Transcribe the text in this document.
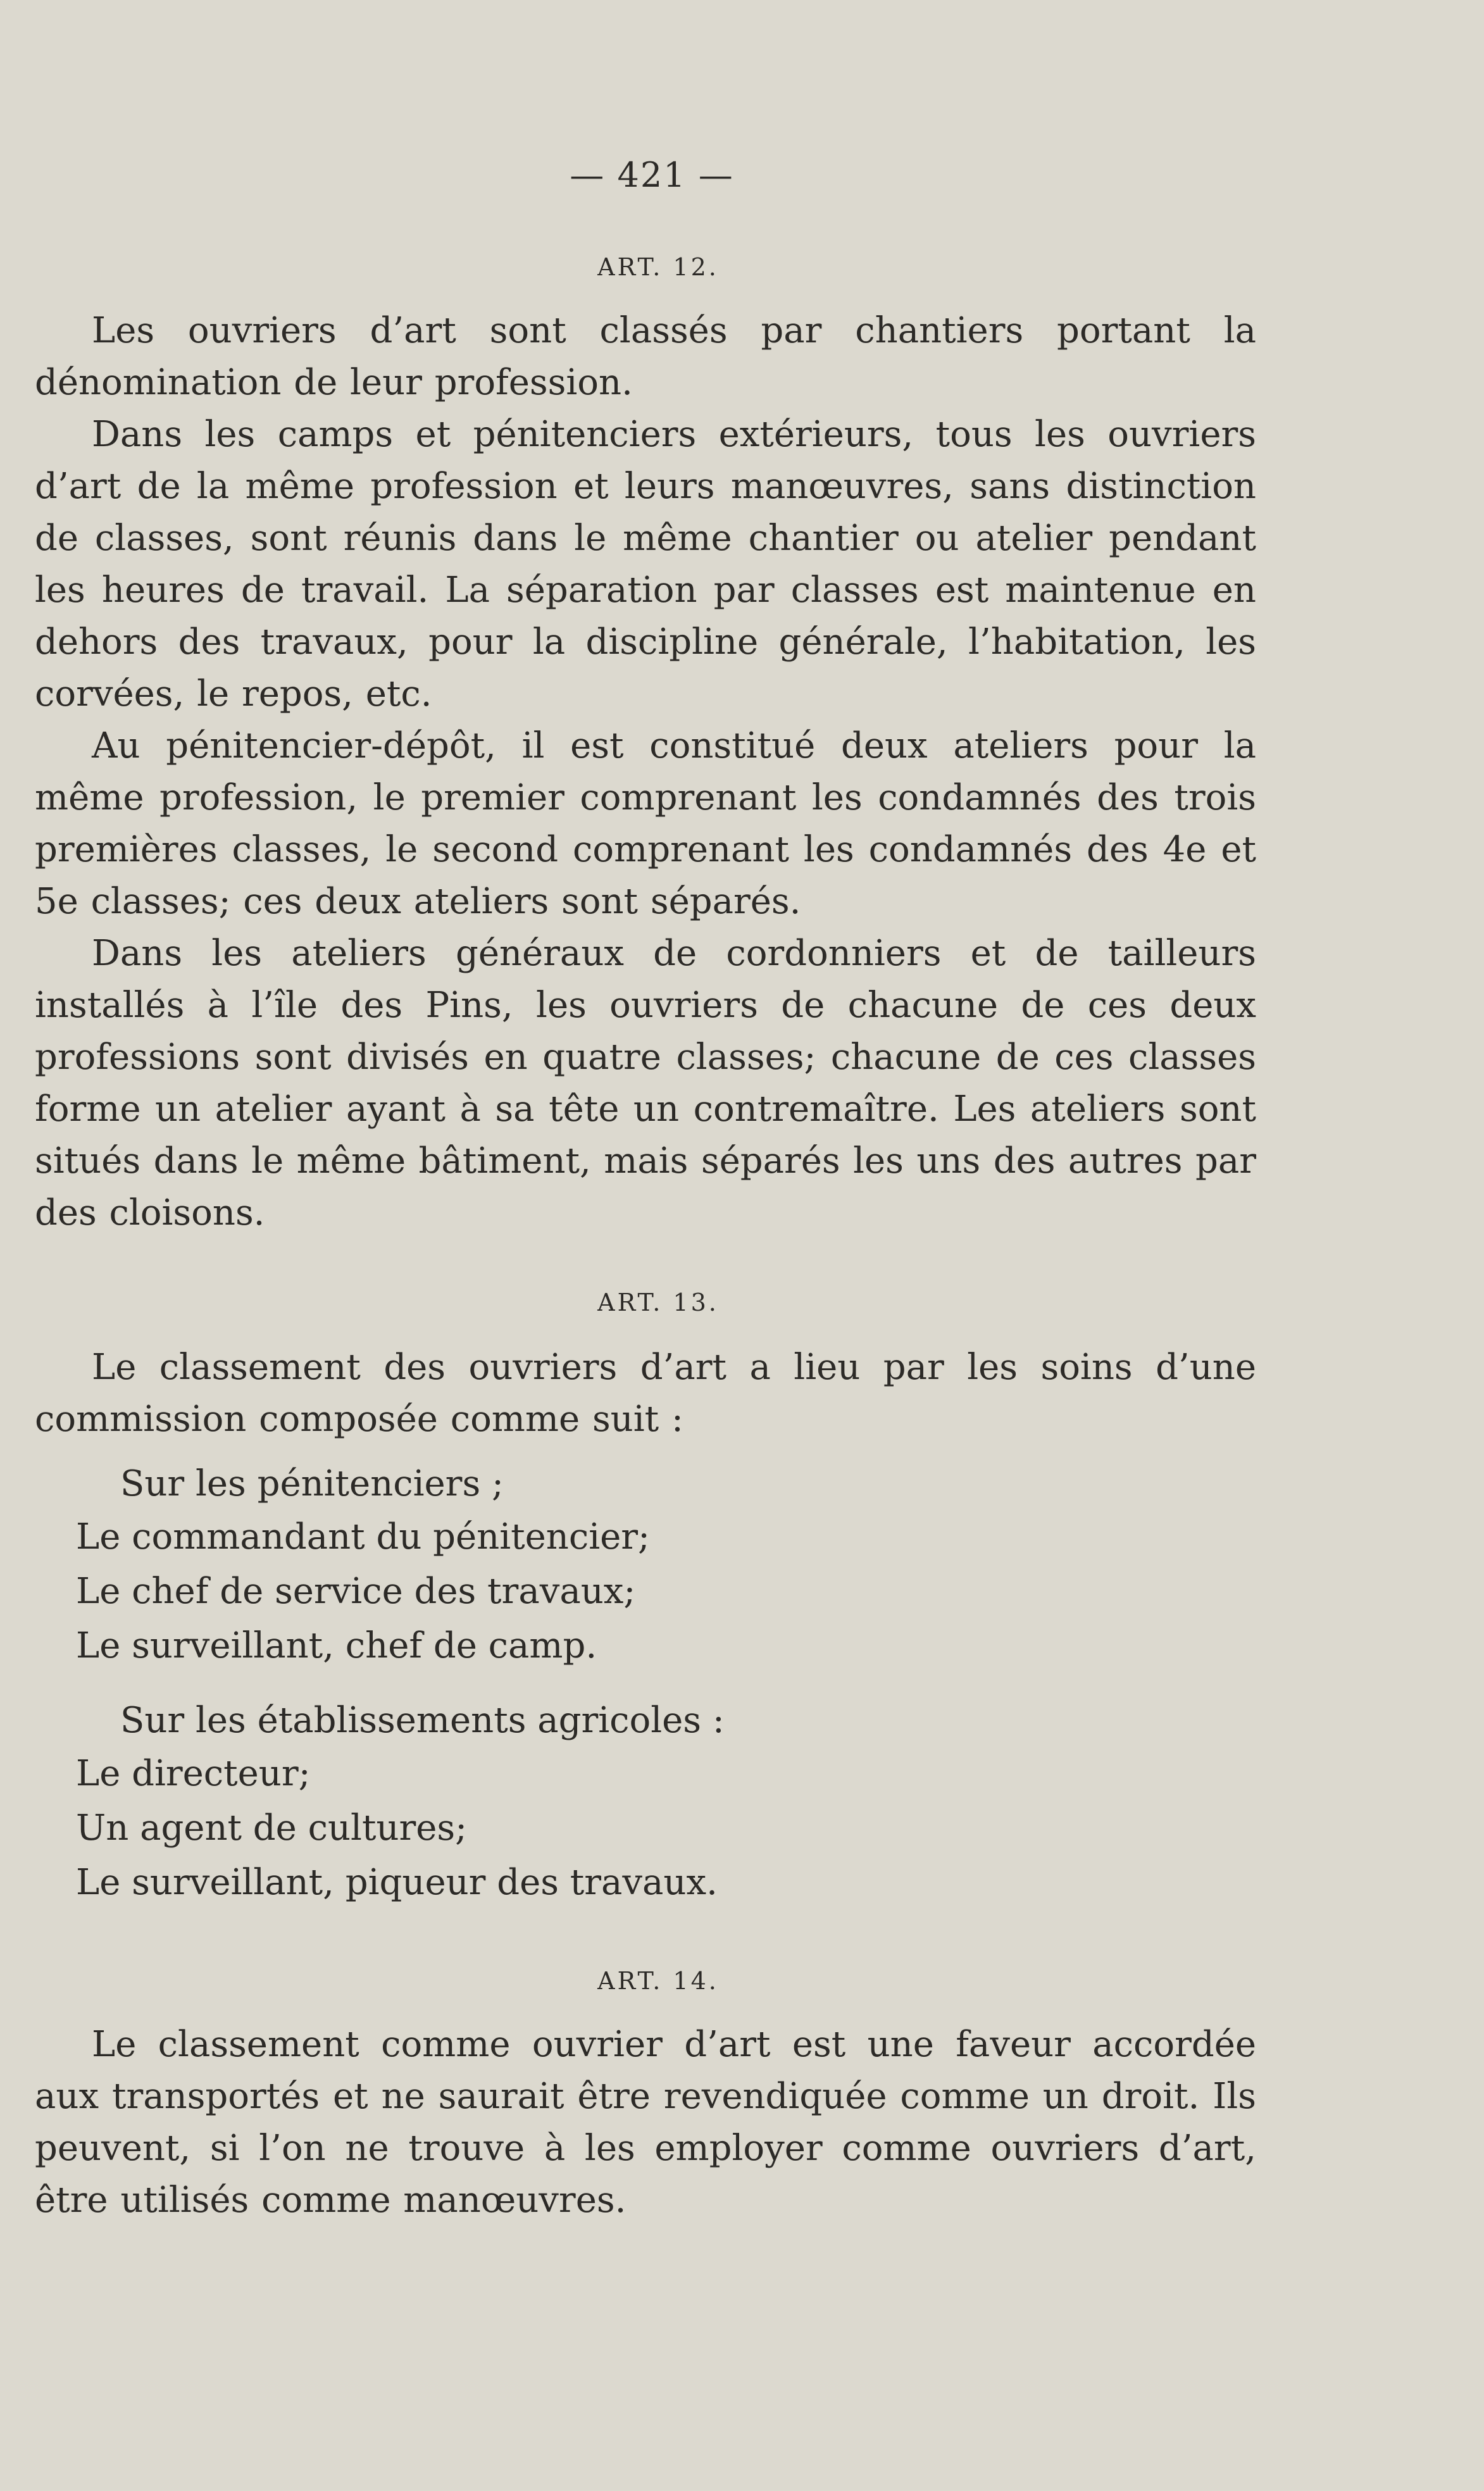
— 421 —
ART. 12.

Les ouvriers d’art sont classés par chantiers portant la dénomination de leur profession.

Dans les camps et pénitenciers extérieurs, tous les ouvriers d’art de la même profession et leurs manœuvres, sans distinction de classes, sont réunis dans le même chantier ou atelier pendant les heures de travail. La séparation par classes est maintenue en dehors des travaux, pour la discipline générale, l’habitation, les corvées, le repos, etc.

Au pénitencier-dépôt, il est constitué deux ateliers pour la même profession, le premier comprenant les condamnés des trois premières classes, le second comprenant les condamnés des 4e et 5e classes; ces deux ateliers sont séparés.

Dans les ateliers généraux de cordonniers et de tailleurs installés à l’île des Pins, les ouvriers de chacune de ces deux professions sont divisés en quatre classes; chacune de ces classes forme un atelier ayant à sa tête un contremaître. Les ateliers sont situés dans le même bâtiment, mais séparés les uns des autres par des cloisons.

ART. 13.

Le classement des ouvriers d’art a lieu par les soins d’une commission composée comme suit :

Sur les pénitenciers ;
Le commandant du pénitencier;
Le chef de service des travaux;
Le surveillant, chef de camp.
Sur les établissements agricoles :
Le directeur;
Un agent de cultures;
Le surveillant, piqueur des travaux.
ART. 14.

Le classement comme ouvrier d’art est une faveur accordée aux transportés et ne saurait être revendiquée comme un droit. Ils peuvent, si l’on ne trouve à les employer comme ouvriers d’art, être utilisés comme manœuvres.
